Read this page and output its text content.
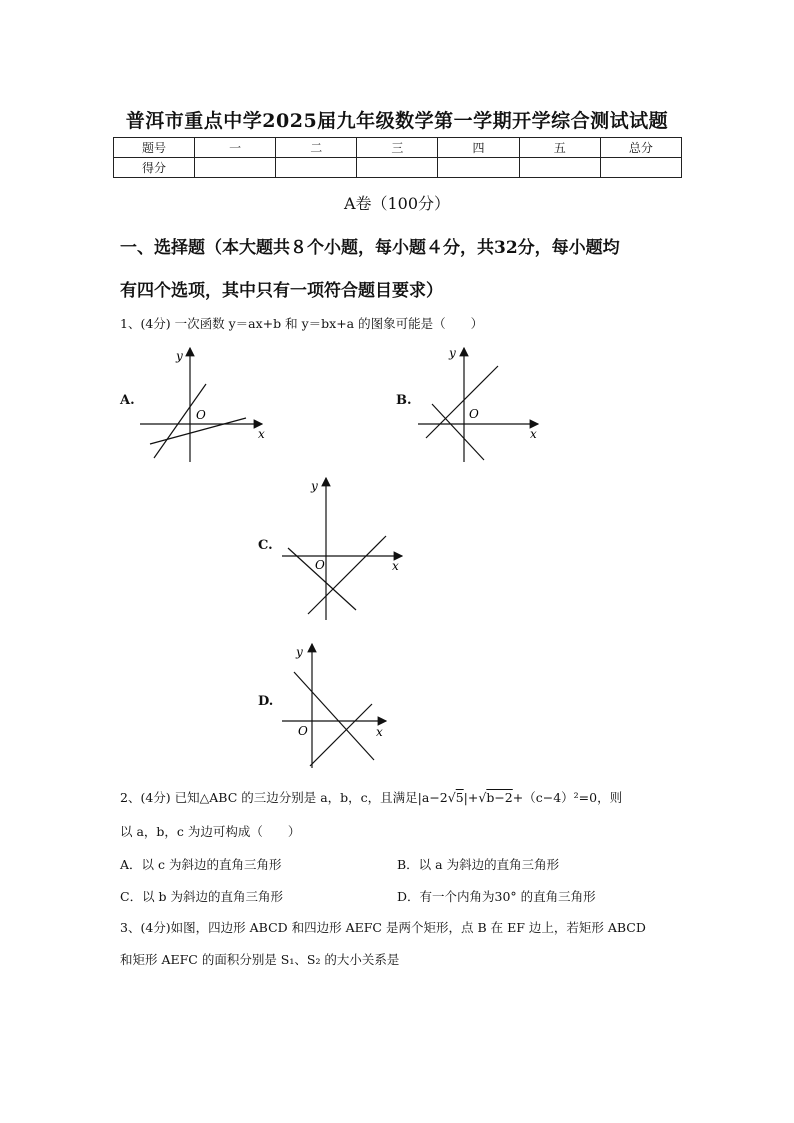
普洱市重点中学2025届九年级数学第一学期开学综合测试试题
题号	一	二	三	四	五	总分
得分						
A卷（100分）
一、选择题（本大题共８个小题，每小题４分，共32分，每小题均
有四个选项，其中只有一项符合题目要求）
1、(4分) 一次函数 y＝ax+b 和 y＝bx+a 的图象可能是（　　）
A.
y
x
O
B.
y
x
O
C.
y
x
O
D.
y
x
O
2、(4分) 已知△ABC 的三边分别是 a，b，c，且满足|a−2√5|+√b−2+（c−4）²=0，则
以 a，b，c 为边可构成（　　）
A．以 c 为斜边的直角三角形	B．以 a 为斜边的直角三角形
C．以 b 为斜边的直角三角形	D．有一个内角为30° 的直角三角形
3、(4分)如图，四边形 ABCD 和四边形 AEFC 是两个矩形，点 B 在 EF 边上，若矩形 ABCD
和矩形 AEFC 的面积分别是 S₁、S₂ 的大小关系是
